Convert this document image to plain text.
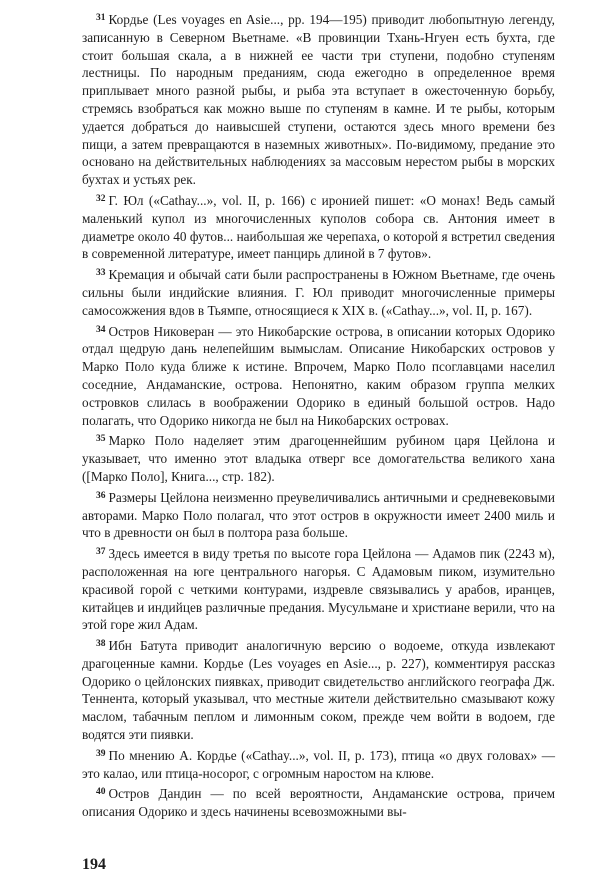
$^{31}$ Кордье (Les voyages en Asie..., pp. 194—195) приводит любопытную легенду, записанную в Северном Вьетнаме. «В провинции Тхань-Нгуен есть бухта, где стоит большая скала, а в нижней ее части три ступени, подобно ступеням лестницы. По народным преданиям, сюда ежегодно в определенное время приплывает много разной рыбы, и рыба эта вступает в ожесточенную борьбу, стремясь взобраться как можно выше по ступеням в камне. И те рыбы, которым удается добраться до наивысшей ступени, остаются здесь много времени без пищи, а затем превращаются в наземных животных». По-видимому, предание это основано на действительных наблюдениях за массовым нерестом рыбы в морских бухтах и устьях рек.

$^{32}$ Г. Юл («Cathay...», vol. II, p. 166) с иронией пишет: «О монах! Ведь самый маленький купол из многочисленных куполов собора св. Антония имеет в диаметре около 40 футов... наибольшая же черепаха, о которой я встретил сведения в современной литературе, имеет панцирь длиной в 7 футов».

$^{33}$ Кремация и обычай сати были распространены в Южном Вьетнаме, где очень сильны были индийские влияния. Г. Юл приводит многочисленные примеры самосожжения вдов в Тьямпе, относящиеся к XIX в. («Cathay...», vol. II, p. 167).

$^{34}$ Остров Никоверан — это Никобарские острова, в описании которых Одорико отдал щедрую дань нелепейшим вымыслам. Описание Никобарских островов у Марко Поло куда ближе к истине. Впрочем, Марко Поло псоглавцами населил соседние, Андаманские, острова. Непонятно, каким образом группа мелких островков слилась в воображении Одорико в единый большой остров. Надо полагать, что Одорико никогда не был на Никобарских островах.

$^{35}$ Марко Поло наделяет этим драгоценнейшим рубином царя Цейлона и указывает, что именно этот владыка отверг все домогательства великого хана ([Марко Поло], Книга..., стр. 182).

$^{36}$ Размеры Цейлона неизменно преувеличивались античными и средневековыми авторами. Марко Поло полагал, что этот остров в окружности имеет 2400 миль и что в древности он был в полтора раза больше.

$^{37}$ Здесь имеется в виду третья по высоте гора Цейлона — Адамов пик (2243 м), расположенная на юге центрального нагорья. С Адамовым пиком, изумительно красивой горой с четкими контурами, издревле связывались у арабов, иранцев, китайцев и индийцев различные предания. Мусульмане и христиане верили, что на этой горе жил Адам.

$^{38}$ Ибн Батута приводит аналогичную версию о водоеме, откуда извлекают драгоценные камни. Кордье (Les voyages en Asie..., p. 227), комментируя рассказ Одорико о цейлонских пиявках, приводит свидетельство английского географа Дж. Теннента, который указывал, что местные жители действительно смазывают кожу маслом, табачным пеплом и лимонным соком, прежде чем войти в водоем, где водятся эти пиявки.

$^{39}$ По мнению А. Кордье («Cathay...», vol. II, p. 173), птица «о двух головах» — это калао, или птица-носорог, с огромным наростом на клюве.

$^{40}$ Остров Дандин — по всей вероятности, Андаманские острова, причем описания Одорико и здесь начинены всевозможными вы-

194
